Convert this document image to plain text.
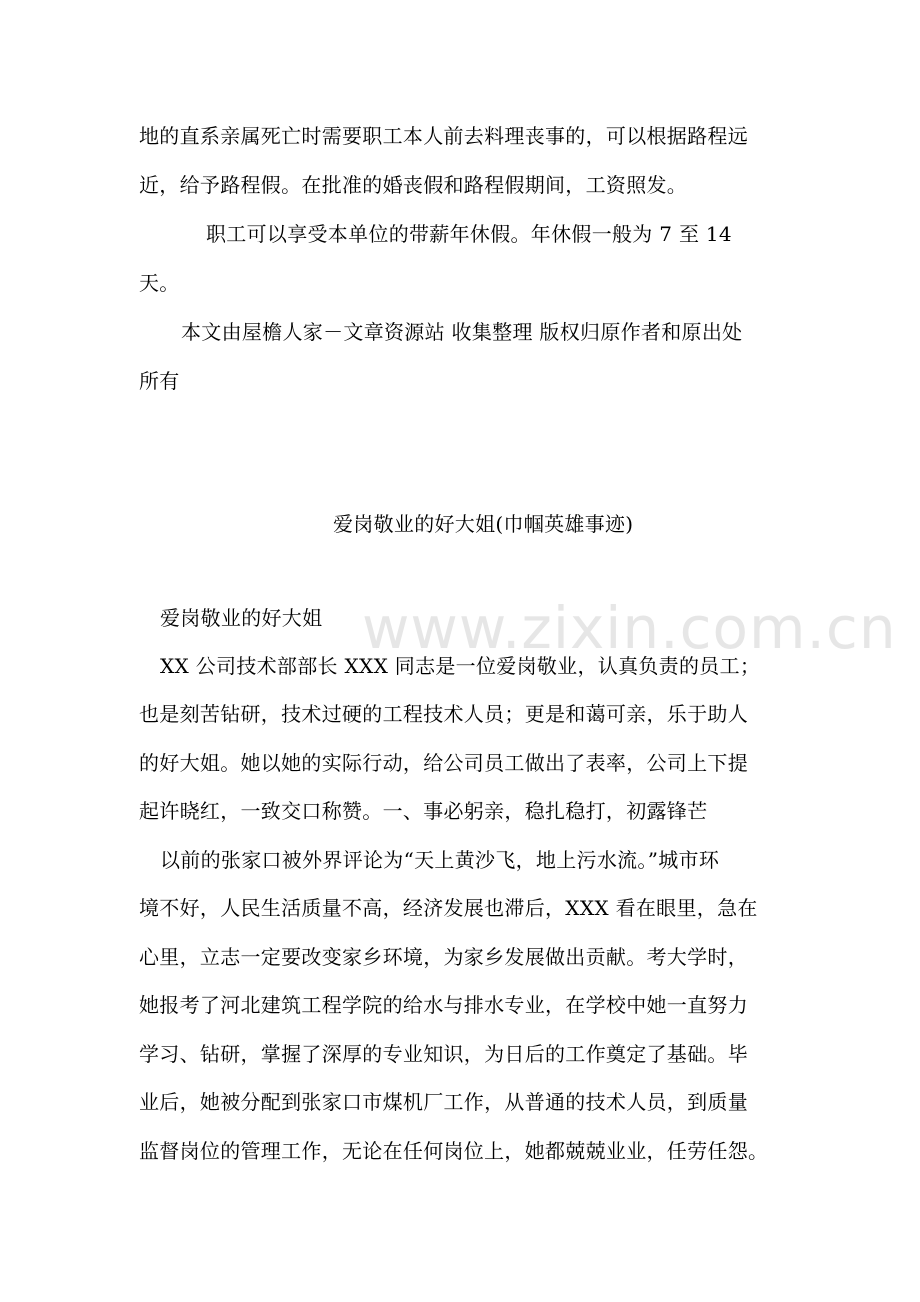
www.zixin.com.cn
地的直系亲属死亡时需要职工本人前去料理丧事的，可以根据路程远
近，给予路程假。在批准的婚丧假和路程假期间，工资照发。
职工可以享受本单位的带薪年休假。年休假一般为 7 至 14
天。
本文由屋檐人家－文章资源站 收集整理 版权归原作者和原出处
所有
爱岗敬业的好大姐(巾帼英雄事迹)
爱岗敬业的好大姐
XX 公司技术部部长 XXX 同志是一位爱岗敬业，认真负责的员工；
也是刻苦钻研，技术过硬的工程技术人员；更是和蔼可亲，乐于助人
的好大姐。她以她的实际行动，给公司员工做出了表率，公司上下提
起许晓红，一致交口称赞。一、事必躬亲，稳扎稳打，初露锋芒
以前的张家口被外界评论为“天上黄沙飞，地上污水流。”城市环
境不好，人民生活质量不高，经济发展也滞后，XXX 看在眼里，急在
心里，立志一定要改变家乡环境，为家乡发展做出贡献。考大学时，
她报考了河北建筑工程学院的给水与排水专业，在学校中她一直努力
学习、钻研，掌握了深厚的专业知识，为日后的工作奠定了基础。毕
业后，她被分配到张家口市煤机厂工作，从普通的技术人员，到质量
监督岗位的管理工作，无论在任何岗位上，她都兢兢业业，任劳任怨。
